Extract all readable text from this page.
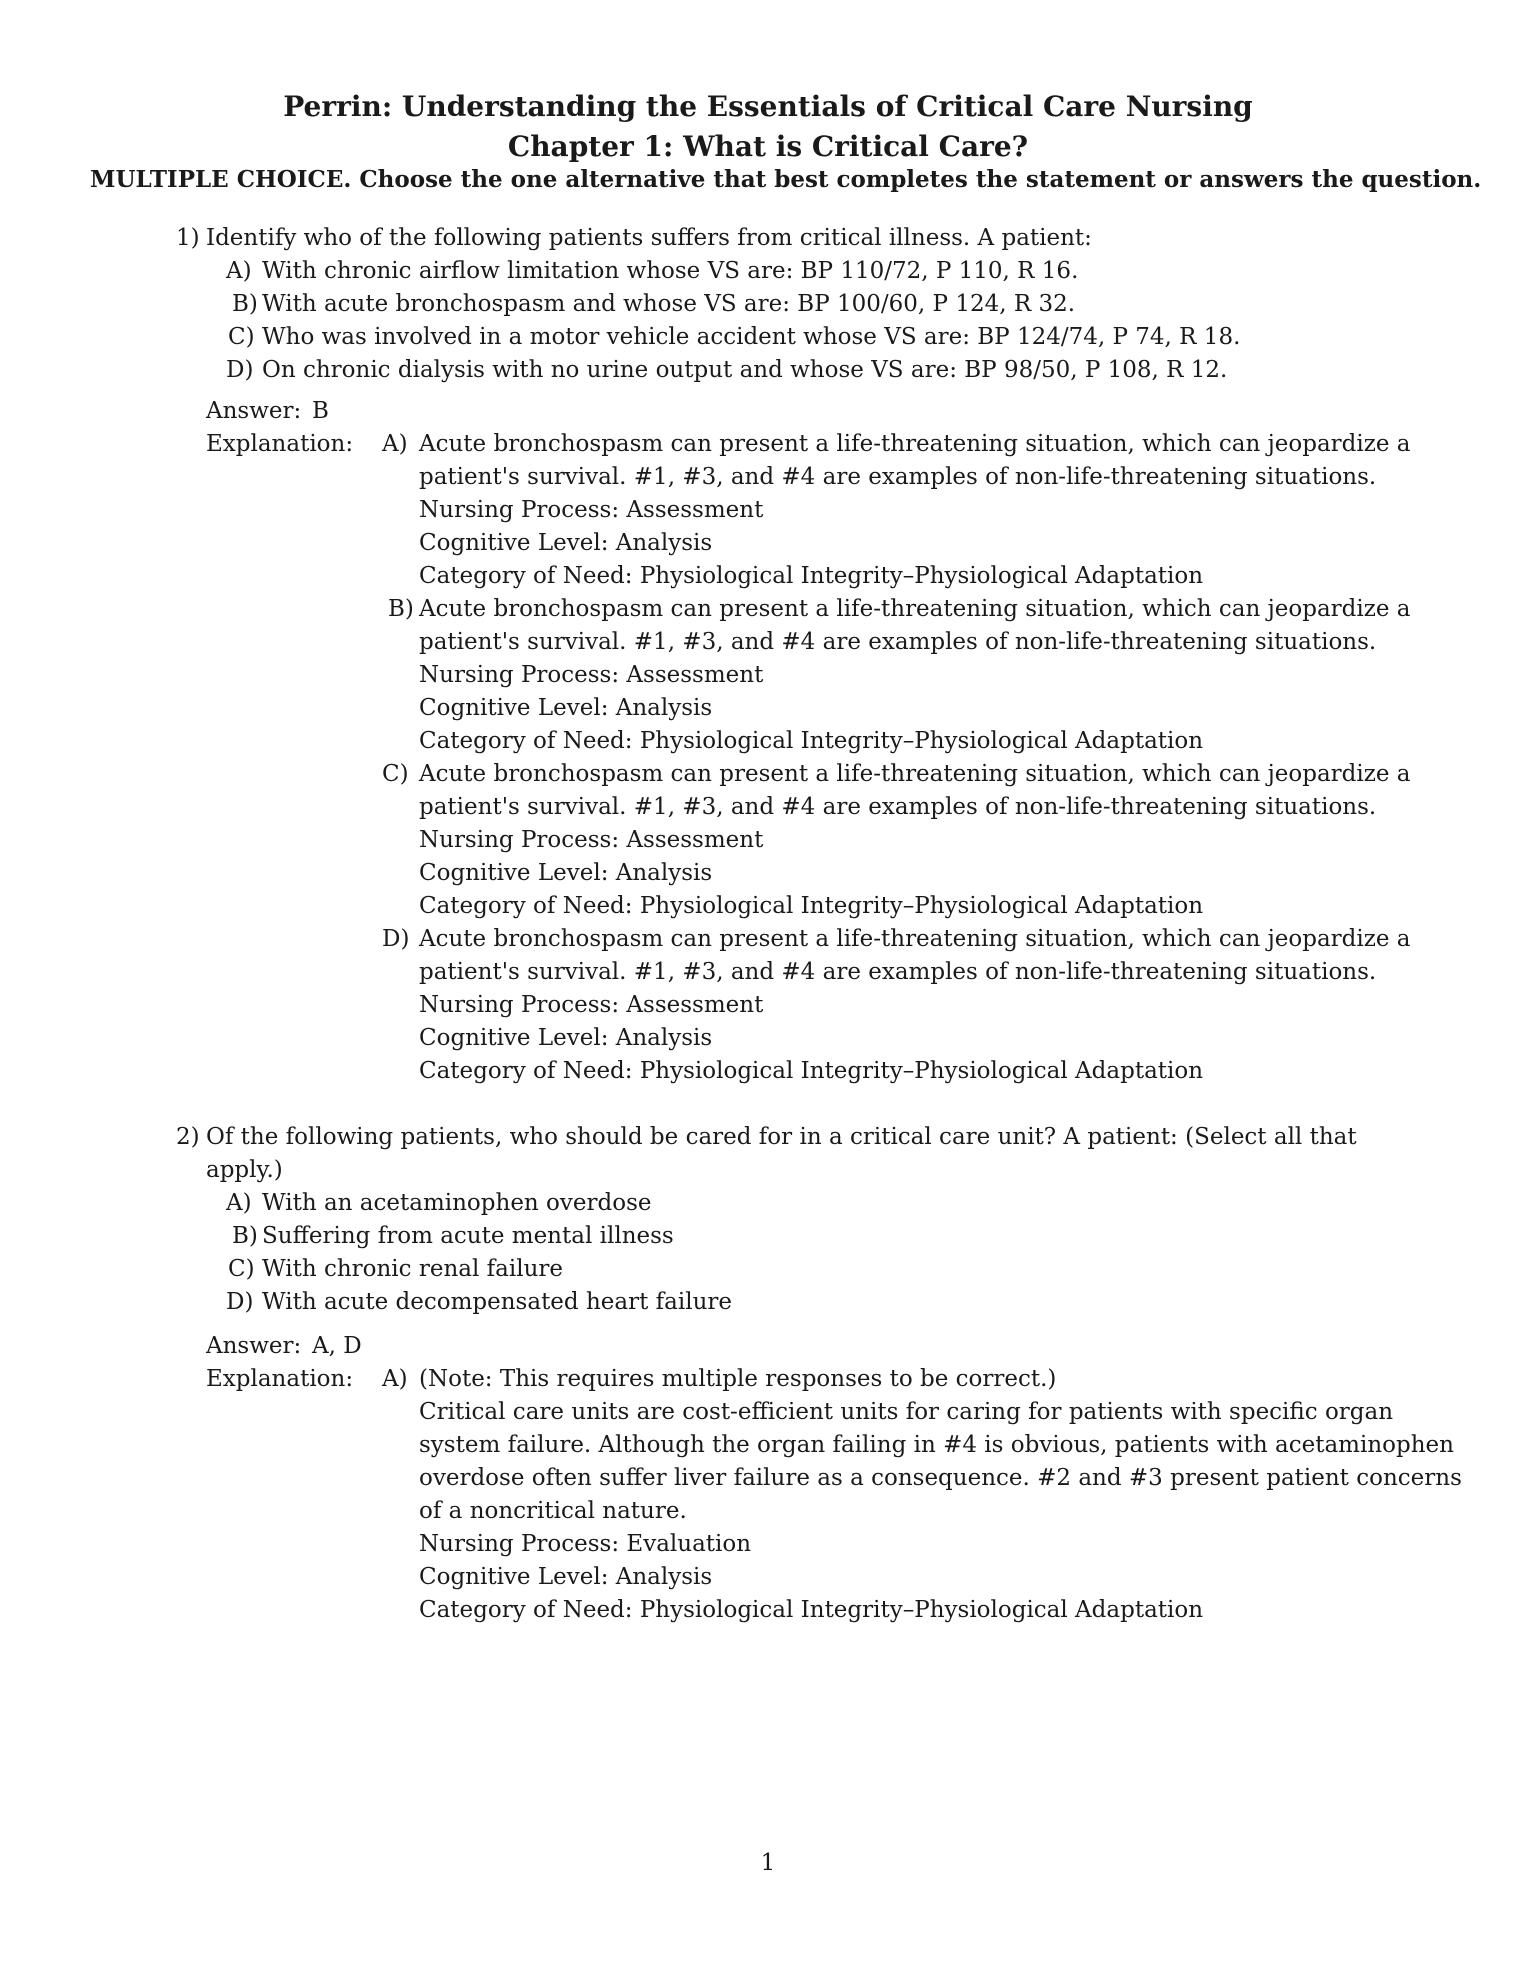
Perrin: Understanding the Essentials of Critical Care Nursing
Chapter 1: What is Critical Care?
MULTIPLE CHOICE. Choose the one alternative that best completes the statement or answers the question.
1) Identify who of the following patients suffers from critical illness. A patient:
A) With chronic airflow limitation whose VS are: BP 110/72, P 110, R 16.
B) With acute bronchospasm and whose VS are: BP 100/60, P 124, R 32.
C) Who was involved in a motor vehicle accident whose VS are: BP 124/74, P 74, R 18.
D) On chronic dialysis with no urine output and whose VS are: BP 98/50, P 108, R 12.
Answer: B
Explanation: A) Acute bronchospasm can present a life-threatening situation, which can jeopardize a
patient's survival. #1, #3, and #4 are examples of non-life-threatening situations.
Nursing Process: Assessment
Cognitive Level: Analysis
Category of Need: Physiological Integrity–Physiological Adaptation
B) Acute bronchospasm can present a life-threatening situation, which can jeopardize a
patient's survival. #1, #3, and #4 are examples of non-life-threatening situations.
Nursing Process: Assessment
Cognitive Level: Analysis
Category of Need: Physiological Integrity–Physiological Adaptation
C) Acute bronchospasm can present a life-threatening situation, which can jeopardize a
patient's survival. #1, #3, and #4 are examples of non-life-threatening situations.
Nursing Process: Assessment
Cognitive Level: Analysis
Category of Need: Physiological Integrity–Physiological Adaptation
D) Acute bronchospasm can present a life-threatening situation, which can jeopardize a
patient's survival. #1, #3, and #4 are examples of non-life-threatening situations.
Nursing Process: Assessment
Cognitive Level: Analysis
Category of Need: Physiological Integrity–Physiological Adaptation
2) Of the following patients, who should be cared for in a critical care unit? A patient: (Select all that
apply.)
A) With an acetaminophen overdose
B) Suffering from acute mental illness
C) With chronic renal failure
D) With acute decompensated heart failure
Answer: A, D
Explanation: A) (Note: This requires multiple responses to be correct.)
Critical care units are cost-efficient units for caring for patients with specific organ
system failure. Although the organ failing in #4 is obvious, patients with acetaminophen
overdose often suffer liver failure as a consequence. #2 and #3 present patient concerns
of a noncritical nature.
Nursing Process: Evaluation
Cognitive Level: Analysis
Category of Need: Physiological Integrity–Physiological Adaptation
1
